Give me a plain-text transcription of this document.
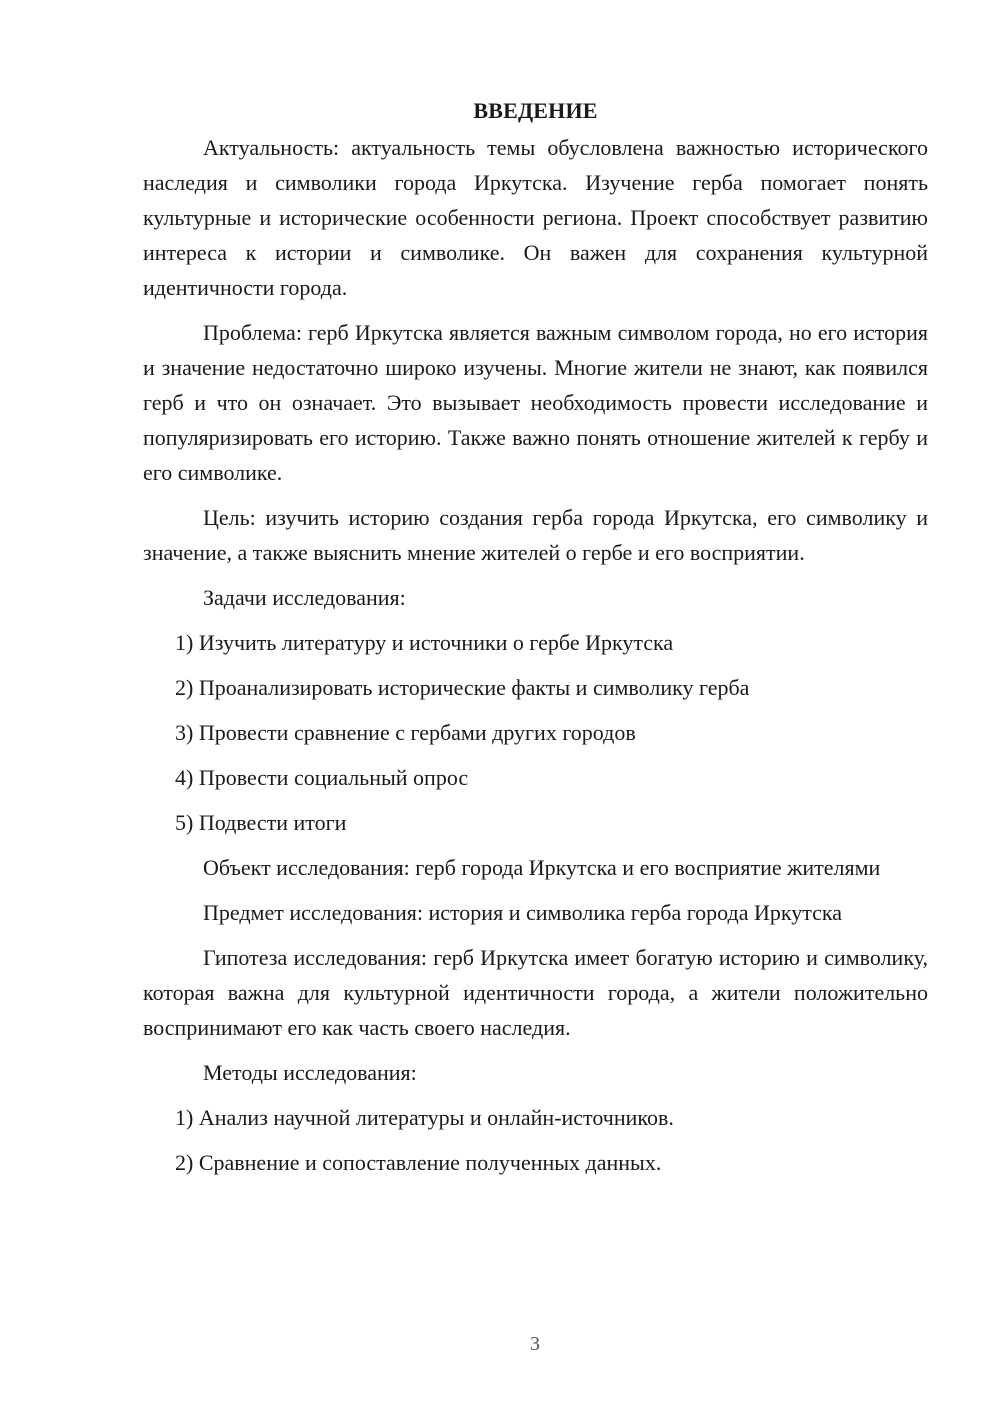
ВВЕДЕНИЕ

Актуальность: актуальность темы обусловлена важностью исторического наследия и символики города Иркутска. Изучение герба помогает понять культурные и исторические особенности региона. Проект способствует развитию интереса к истории и символике. Он важен для сохранения культурной идентичности города.

Проблема: герб Иркутска является важным символом города, но его история и значение недостаточно широко изучены. Многие жители не знают, как появился герб и что он означает. Это вызывает необходимость провести исследование и популяризировать его историю. Также важно понять отношение жителей к гербу и его символике.

Цель: изучить историю создания герба города Иркутска, его символику и значение, а также выяснить мнение жителей о гербе и его восприятии.

Задачи исследования:

1) Изучить литературу и источники о гербе Иркутска
2) Проанализировать исторические факты и символику герба
3) Провести сравнение с гербами других городов
4) Провести социальный опрос
5) Подвести итоги

Объект исследования: герб города Иркутска и его восприятие жителями

Предмет исследования: история и символика герба города Иркутска

Гипотеза исследования: герб Иркутска имеет богатую историю и символику, которая важна для культурной идентичности города, а жители положительно воспринимают его как часть своего наследия.

Методы исследования:

1) Анализ научной литературы и онлайн-источников.
2) Сравнение и сопоставление полученных данных.
3
